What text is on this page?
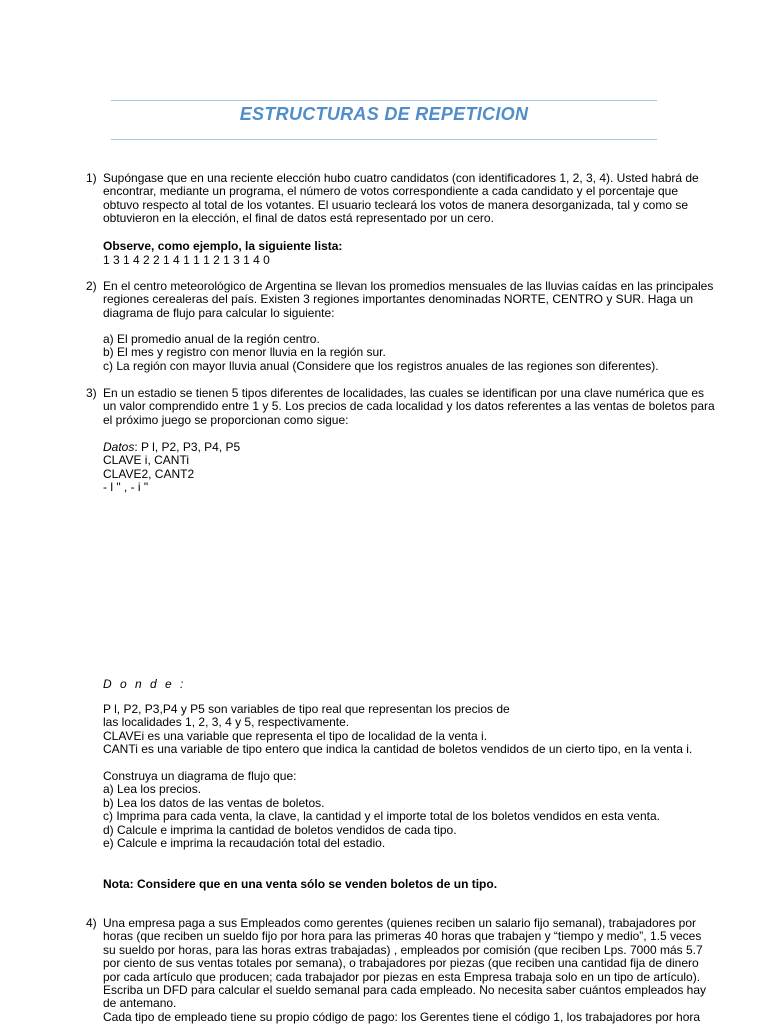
ESTRUCTURAS DE REPETICION
1) Supóngase que en una reciente elección hubo cuatro candidatos (con identificadores 1, 2, 3, 4). Usted habrá de
encontrar, mediante un programa, el número de votos correspondiente a cada candidato y el porcentaje que
obtuvo respecto al total de los votantes. El usuario tecleará los votos de manera desorganizada, tal y como se
obtuvieron en la elección, el final de datos está representado por un cero.
Observe, como ejemplo, la siguiente lista:
1 3 1 4 2 2 1 4 1 1 1 2 1 3 1 4 0
2) En el centro meteorológico de Argentina se llevan los promedios mensuales de las lluvias caídas en las principales
regiones cerealeras del país. Existen 3 regiones importantes denominadas NORTE, CENTRO y SUR. Haga un
diagrama de flujo para calcular lo siguiente:
a) El promedio anual de la región centro.
b) El mes y registro con menor lluvia en la región sur.
c) La región con mayor lluvia anual (Considere que los registros anuales de las regiones son diferentes).
3) En un estadio se tienen 5 tipos diferentes de localidades, las cuales se identifican por una clave numérica que es
un valor comprendido entre 1 y 5. Los precios de cada localidad y los datos referentes a las ventas de boletos para
el próximo juego se proporcionan como sigue:
Datos: P l, P2, P3, P4, P5
CLAVE i, CANTi
CLAVE2, CANT2
- l " , - i "
D o n d e :
P l, P2, P3,P4 y P5 son variables de tipo real que representan los precios de
las localidades 1, 2, 3, 4 y 5, respectivamente.
CLAVEi es una variable que representa el tipo de localidad de la venta i.
CANTi es una variable de tipo entero que indica la cantidad de boletos vendidos de un cierto tipo, en la venta i.
Construya un diagrama de flujo que:
a) Lea los precios.
b) Lea los datos de las ventas de boletos.
c) Imprima para cada venta, la clave, la cantidad y el importe total de los boletos vendidos en esta venta.
d) Calcule e imprima la cantidad de boletos vendidos de cada tipo.
e) Calcule e imprima la recaudación total del estadio.
Nota: Considere que en una venta sólo se venden boletos de un tipo.
4) Una empresa paga a sus Empleados como gerentes (quienes reciben un salario fijo semanal), trabajadores por
horas (que reciben un sueldo fijo por hora para las primeras 40 horas que trabajen y “tiempo y medio”, 1.5 veces
su sueldo por horas, para las horas extras trabajadas) , empleados por comisión (que reciben Lps. 7000 más 5.7
por ciento de sus ventas totales por semana), o trabajadores por piezas (que reciben una cantidad fija de dinero
por cada artículo que producen; cada trabajador por piezas en esta Empresa trabaja solo en un tipo de artículo).
Escriba un DFD para calcular el sueldo semanal para cada empleado. No necesita saber cuántos empleados hay
de antemano.
Cada tipo de empleado tiene su propio código de pago: los Gerentes tiene el código 1, los trabajadores por hora
